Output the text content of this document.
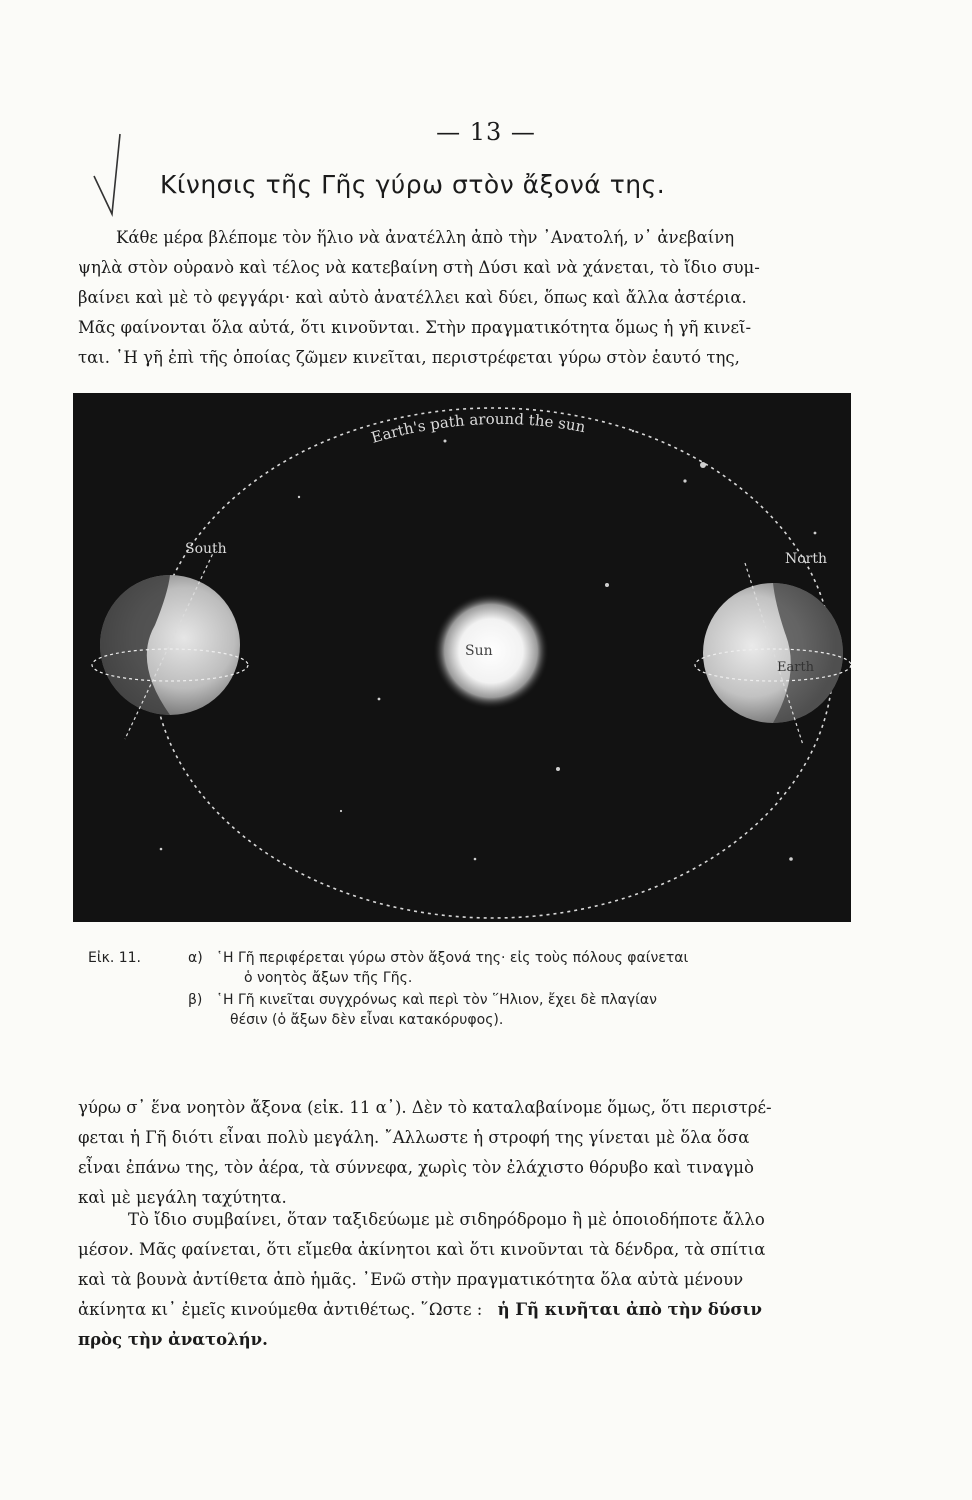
— 13 —
Κίνησις τῆς Γῆς γύρω στὸν ἄξονά της.
Κάθε μέρα βλέπομε τὸν ἥλιο νὰ ἀνατέλλη ἀπὸ τὴν ᾿Ανατολή, ν᾿ ἀνεβαίνη
ψηλὰ στὸν οὐρανὸ καὶ τέλος νὰ κατεβαίνη στὴ Δύσι καὶ νὰ χάνεται, τὸ ἴδιο συμ-
βαίνει καὶ μὲ τὸ φεγγάρι· καὶ αὐτὸ ἀνατέλλει καὶ δύει, ὅπως καὶ ἄλλα ἀστέρια.
Μᾶς φαίνονται ὅλα αὐτά, ὅτι κινοῦνται. Στὴν πραγματικότητα ὅμως ἡ γῆ κινεῖ-
ται. ῾Η γῆ ἐπὶ τῆς ὁποίας ζῶμεν κινεῖται, περιστρέφεται γύρω στὸν ἑαυτό της,
Earth's path around the sun
Sun
South
North
Earth
Εἰκ. 11.	α) ῾Η Γῆ περιφέρεται γύρω στὸν ἄξονά της· εἰς τοὺς πόλους φαίνεται
ὁ νοητὸς ἄξων τῆς Γῆς.
β) ῾Η Γῆ κινεῖται συγχρόνως καὶ περὶ τὸν ῞Ηλιον, ἔχει δὲ πλαγίαν
θέσιν (ὁ ἄξων δὲν εἶναι κατακόρυφος).
γύρω σ᾿ ἕνα νοητὸν ἄξονα (εἰκ. 11 α᾿). Δὲν τὸ καταλαβαίνομε ὅμως, ὅτι περιστρέ-
φεται ἡ Γῆ διότι εἶναι πολὺ μεγάλη. ῎Αλλωστε ἡ στροφή της γίνεται μὲ ὅλα ὅσα
εἶναι ἐπάνω της, τὸν ἀέρα, τὰ σύννεφα, χωρὶς τὸν ἐλάχιστο θόρυβο καὶ τιναγμὸ
καὶ μὲ μεγάλη ταχύτητα.
Τὸ ἴδιο συμβαίνει, ὅταν ταξιδεύωμε μὲ σιδηρόδρομο ἢ μὲ ὁποιοδήποτε ἄλλο
μέσον. Μᾶς φαίνεται, ὅτι εἴμεθα ἀκίνητοι καὶ ὅτι κινοῦνται τὰ δένδρα, τὰ σπίτια
καὶ τὰ βουνὰ ἀντίθετα ἀπὸ ἡμᾶς. ᾿Ενῶ στὴν πραγματικότητα ὅλα αὐτὰ μένουν
ἀκίνητα κι᾿ ἐμεῖς κινούμεθα ἀντιθέτως. ῞Ωστε : ἡ Γῆ κινῆται ἀπὸ τὴν δύσιν
πρὸς τὴν ἀνατολήν.
